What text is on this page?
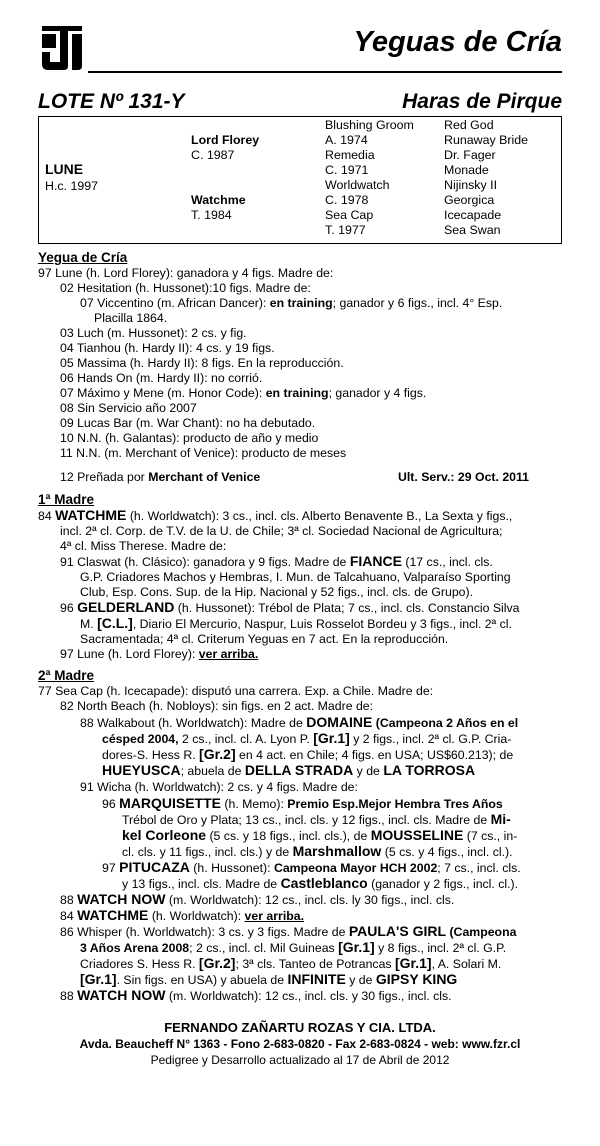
Yeguas de Cría
LOTE Nº 131-Y	Haras de Pirque
LUNE
H.c. 1997
Lord Florey
C. 1987
Watchme
T. 1984
Blushing Groom
A. 1974
Remedia
C. 1971
Worldwatch
C. 1978
Sea Cap
T. 1977
Red God
Runaway Bride
Dr. Fager
Monade
Nijinsky II
Georgica
Icecapade
Sea Swan
Yegua de Cría
97 Lune (h. Lord Florey): ganadora y 4 figs. Madre de:
02 Hesitation (h. Hussonet):10 figs. Madre de:
07 Viccentino (m. African Dancer): en training; ganador y 6 figs., incl. 4° Esp.
Placilla 1864.
03 Luch (m. Hussonet): 2 cs. y fig.
04 Tianhou (h. Hardy II): 4 cs. y 19 figs.
05 Massima (h. Hardy II): 8 figs. En la reproducción.
06 Hands On (m. Hardy II): no corrió.
07 Máximo y Mene (m. Honor Code): en training; ganador y 4 figs.
08 Sin Servicio año 2007
09 Lucas Bar (m. War Chant): no ha debutado.
10 N.N. (h. Galantas): producto de año y medio
11 N.N. (m. Merchant of Venice): producto de meses
12 Preñada por Merchant of Venice	Ult. Serv.: 29 Oct. 2011
1ª Madre
84 WATCHME (h. Worldwatch): 3 cs., incl. cls. Alberto Benavente B., La Sexta y figs.,
incl. 2ª cl. Corp. de T.V. de la U. de Chile; 3ª cl. Sociedad Nacional de Agricultura;
4ª cl. Miss Therese. Madre de:
91 Claswat (h. Clásico): ganadora y 9 figs. Madre de FIANCE (17 cs., incl. cls.
G.P. Criadores Machos y Hembras, I. Mun. de Talcahuano, Valparaíso Sporting
Club, Esp. Cons. Sup. de la Hip. Nacional y 52 figs., incl. cls. de Grupo).
96 GELDERLAND (h. Hussonet): Trébol de Plata; 7 cs., incl. cls. Constancio Silva
M. [C.L.], Diario El Mercurio, Naspur, Luis Rosselot Bordeu y 3 figs., incl. 2ª cl.
Sacramentada; 4ª cl. Criterum Yeguas en 7 act. En la reproducción.
97 Lune (h. Lord Florey): ver arriba.
2ª Madre
77 Sea Cap (h. Icecapade): disputó una carrera. Exp. a Chile. Madre de:
82 North Beach (h. Nobloys): sin figs. en 2 act. Madre de:
88 Walkabout (h. Worldwatch): Madre de DOMAINE (Campeona 2 Años en el
césped 2004, 2 cs., incl. cl. A. Lyon P. [Gr.1] y 2 figs., incl. 2ª cl. G.P. Cria-
dores-S. Hess R. [Gr.2] en 4 act. en Chile; 4 figs. en USA; US$60.213); de
HUEYUSCA; abuela de DELLA STRADA y de LA TORROSA
91 Wicha (h. Worldwatch): 2 cs. y 4 figs. Madre de:
96 MARQUISETTE (h. Memo): Premio Esp.Mejor Hembra Tres Años
Trébol de Oro y Plata; 13 cs., incl. cls. y 12 figs., incl. cls. Madre de Mi-
kel Corleone (5 cs. y 18 figs., incl. cls.), de MOUSSELINE (7 cs., in-
cl. cls. y 11 figs., incl. cls.) y de Marshmallow (5 cs. y 4 figs., incl. cl.).
97 PITUCAZA (h. Hussonet): Campeona Mayor HCH 2002; 7 cs., incl. cls.
y 13 figs., incl. cls. Madre de Castleblanco (ganador y 2 figs., incl. cl.).
88 WATCH NOW (m. Worldwatch): 12 cs., incl. cls. ly 30 figs., incl. cls.
84 WATCHME (h. Worldwatch): ver arriba.
86 Whisper (h. Worldwatch): 3 cs. y 3 figs. Madre de PAULA'S GIRL (Campeona
3 Años Arena 2008; 2 cs., incl. cl. Mil Guineas [Gr.1] y 8 figs., incl. 2ª cl. G.P.
Criadores S. Hess R. [Gr.2]; 3ª cls. Tanteo de Potrancas [Gr.1], A. Solari M.
[Gr.1]. Sin figs. en USA) y abuela de INFINITE y de GIPSY KING
88 WATCH NOW (m. Worldwatch): 12 cs., incl. cls. y 30 figs., incl. cls.
FERNANDO ZAÑARTU ROZAS Y CIA. LTDA.
Avda. Beaucheff N° 1363 - Fono 2-683-0820 - Fax 2-683-0824 - web: www.fzr.cl
Pedigree y Desarrollo actualizado al 17 de Abril de 2012
